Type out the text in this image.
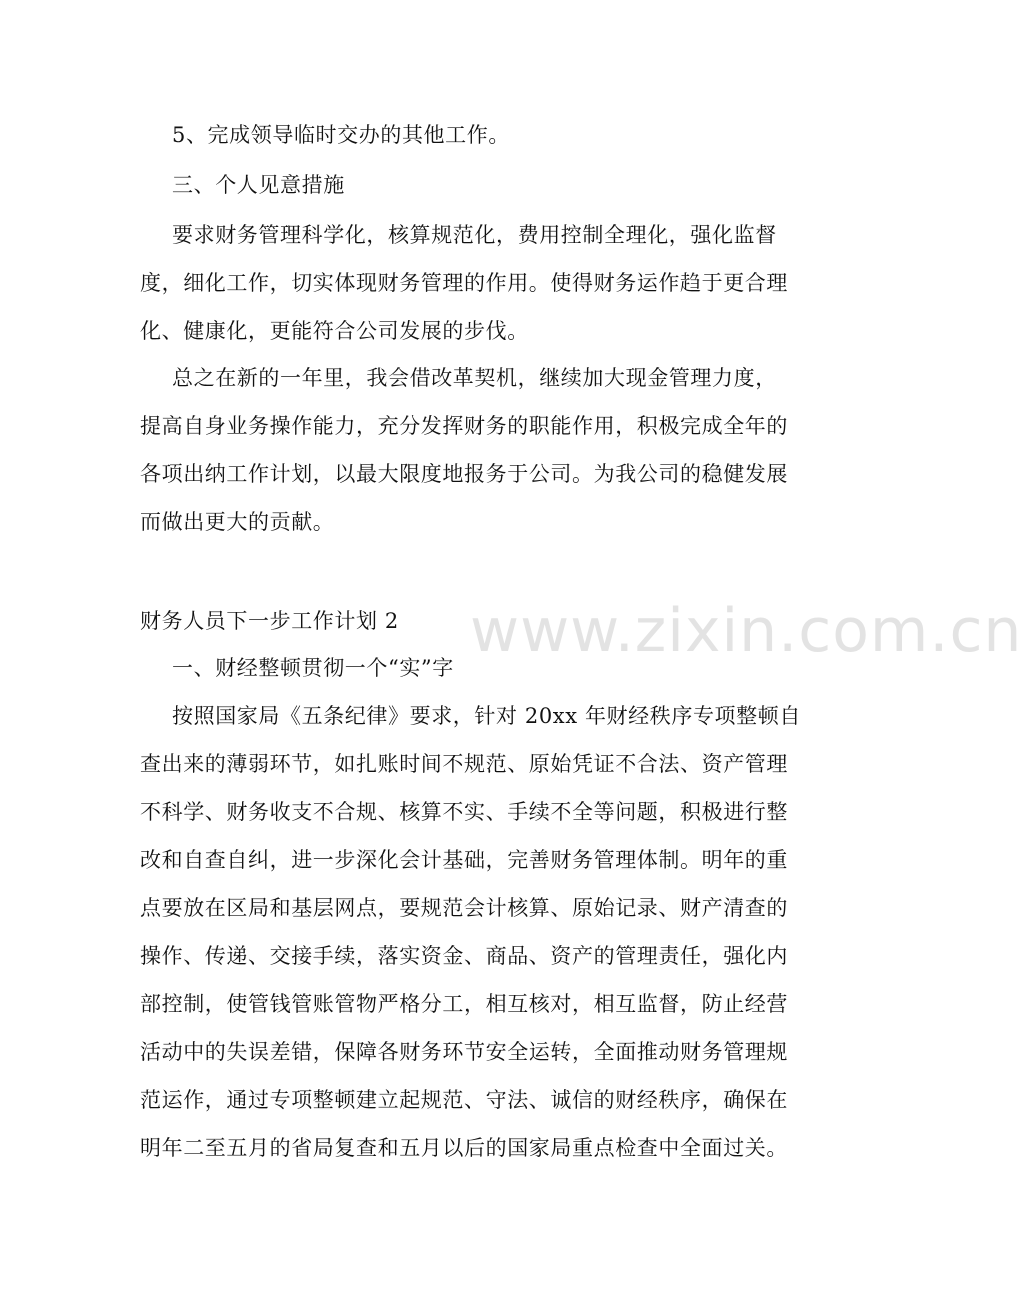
www.zixin.com.cn
5、完成领导临时交办的其他工作。
三、个人见意措施
要求财务管理科学化，核算规范化，费用控制全理化，强化监督
度，细化工作，切实体现财务管理的作用。使得财务运作趋于更合理
化、健康化，更能符合公司发展的步伐。
总之在新的一年里，我会借改革契机，继续加大现金管理力度，
提高自身业务操作能力，充分发挥财务的职能作用，积极完成全年的
各项出纳工作计划，以最大限度地报务于公司。为我公司的稳健发展
而做出更大的贡献。
财务人员下一步工作计划 2
一、财经整顿贯彻一个“实”字
按照国家局《五条纪律》要求，针对 20xx 年财经秩序专项整顿自
查出来的薄弱环节，如扎账时间不规范、原始凭证不合法、资产管理
不科学、财务收支不合规、核算不实、手续不全等问题，积极进行整
改和自查自纠，进一步深化会计基础，完善财务管理体制。明年的重
点要放在区局和基层网点，要规范会计核算、原始记录、财产清查的
操作、传递、交接手续，落实资金、商品、资产的管理责任，强化内
部控制，使管钱管账管物严格分工，相互核对，相互监督，防止经营
活动中的失误差错，保障各财务环节安全运转，全面推动财务管理规
范运作，通过专项整顿建立起规范、守法、诚信的财经秩序，确保在
明年二至五月的省局复查和五月以后的国家局重点检查中全面过关。
